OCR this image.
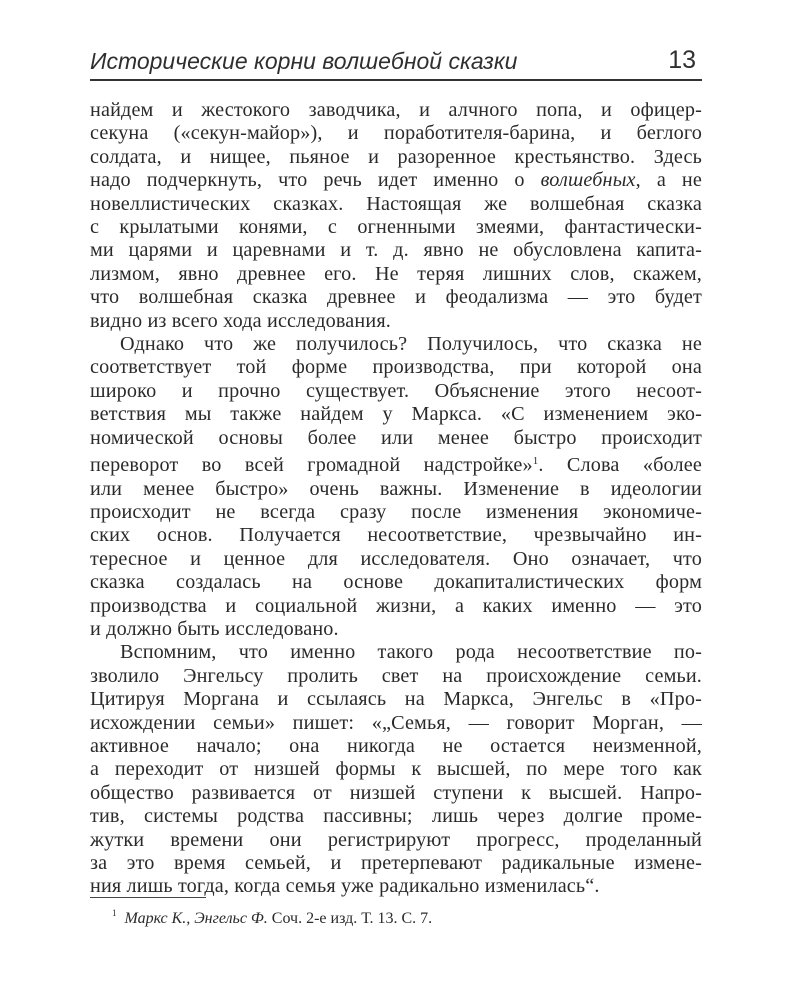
Исторические корни волшебной сказки	13
найдем и жестокого заводчика, и алчного попа, и офицер-
секуна («секун-майор»), и поработителя-барина, и беглого
солдата, и нищее, пьяное и разоренное крестьянство. Здесь
надо подчеркнуть, что речь идет именно о волшебных, а не
новеллистических сказках. Настоящая же волшебная сказка
с крылатыми конями, с огненными змеями, фантастически-
ми царями и царевнами и т. д. явно не обусловлена капита-
лизмом, явно древнее его. Не теряя лишних слов, скажем,
что волшебная сказка древнее и феодализма — это будет
видно из всего хода исследования.
Однако что же получилось? Получилось, что сказка не
соответствует той форме производства, при которой она
широко и прочно существует. Объяснение этого несоот-
ветствия мы также найдем у Маркса. «С изменением эко-
номической основы более или менее быстро происходит
переворот во всей громадной надстройке»$^1$. Слова «более
или менее быстро» очень важны. Изменение в идеологии
происходит не всегда сразу после изменения экономиче-
ских основ. Получается несоответствие, чрезвычайно ин-
тересное и ценное для исследователя. Оно означает, что
сказка создалась на основе докапиталистических форм
производства и социальной жизни, а каких именно — это
и должно быть исследовано.
Вспомним, что именно такого рода несоответствие по-
зволило Энгельсу пролить свет на происхождение семьи.
Цитируя Моргана и ссылаясь на Маркса, Энгельс в «Про-
исхождении семьи» пишет: «„Семья, — говорит Морган, —
активное начало; она никогда не остается неизменной,
а переходит от низшей формы к высшей, по мере того как
общество развивается от низшей ступени к высшей. Напро-
тив, системы родства пассивны; лишь через долгие проме-
жутки времени они регистрируют прогресс, проделанный
за это время семьей, и претерпевают радикальные измене-
ния лишь тогда, когда семья уже радикально изменилась“.
$^1$ Маркс К., Энгельс Ф. Соч. 2-е изд. Т. 13. С. 7.
